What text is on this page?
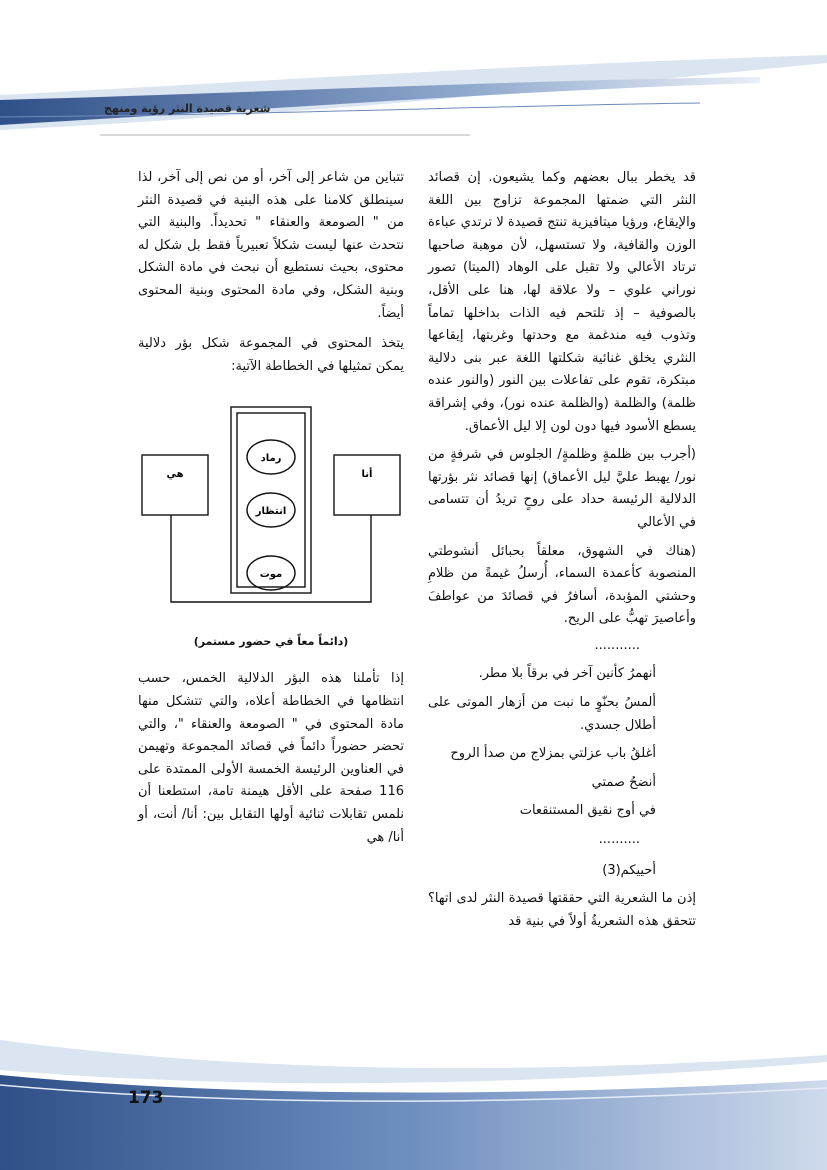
شعرية قصيدة النثر رؤية ومنهج

قد يخطر ببال بعضهم وكما يشيعون. إن قصائد النثر التي ضمتها المجموعة تزاوج بين اللغة والإيقاع، ورؤيا ميتافيزية تنتج قصيدة لا ترتدي عباءة الوزن والقافية، ولا تستسهل، لأن موهبة صاحبها ترتاد الأعالي ولا تقبل على الوهاد (الميتا) تصور نوراني علوي – ولا علاقة لها، هنا على الأقل، بالصوفية – إذ تلتحم فيه الذات بداخلها تماماً وتذوب فيه مندغمة مع وحدتها وغربتها، إيقاعها النثري يخلق غنائية شكلتها اللغة عبر بنى دلالية مبتكرة، تقوم على تفاعلات بين النور (والنور عنده ظلمة) والظلمة (والظلمة عنده نور)، وفي إشراقة يسطع الأسود فيها دون لون إلا ليل الأعماق.

(أجرب بين ظلمةٍ وظلمةٍ/ الجلوس في شرفةٍ من نور/ يهبط عليَّ ليل الأعماق) إنها قصائد نثر بؤرتها الدلالية الرئيسة حداد على روحٍ تريدُ أن تتسامى في الأعالي

(هناك في الشهوق، معلقاً بحبائل أنشوطتي المنصوبة كأعمدة السماء، أُرسلُ غيمةً من ظلامِ وحشتي المؤبدة، أسافرُ في قصائدَ من عواطفَ وأعاصيرَ تهبُّ على الريح.

...........

أنهمرُ كأنين آخر في برقاً بلا مطر.

ألمسُ بحنّوٍ ما نبت من أزهار الموتى على أطلال جسدي.

أغلقُ باب عزلتي بمزلاج من صدأ الروح

أنضحُ صمتي

في أوج نقيق المستنقعات

..........

أحييكم(3)

إذن ما الشعرية التي حققتها قصيدة النثر لدى اتها؟ تتحقق هذه الشعريةُ أولاً في بنية قد

تتباين من شاعر إلى آخر، أو من نص إلى آخر، لذا سينطلق كلامنا على هذه البنية في قصيدة النثر من " الصومعة والعنقاء " تحديداً. والبنية التي نتحدث عنها ليست شكلاً تعبيرياً فقط بل شكل له محتوى، بحيث نستطيع أن نبحث في مادة الشكل وبنية الشكل، وفي مادة المحتوى وبنية المحتوى أيضاً.

يتخذ المحتوى في المجموعة شكل بؤر دلالية يمكن تمثيلها في الخطاطة الآتية:

إذا تأملنا هذه البؤر الدلالية الخمس، حسب انتظامها في الخطاطة أعلاه، والتي تتشكل منها مادة المحتوى في " الصومعة والعنقاء "، والتي تحضر حضوراً دائماً في قصائد المجموعة وتهيمن في العناوين الرئيسة الخمسة الأولى الممتدة على 116 صفحة على الأقل هيمنة تامة، استطعنا أن نلمس تقابلات ثنائية أولها التقابل بين: أنا/ أنت، أو أنا/ هي

هي	أنا
رماد
انتظار
موت
(دائماً معاً في حضور مستمر)
173
